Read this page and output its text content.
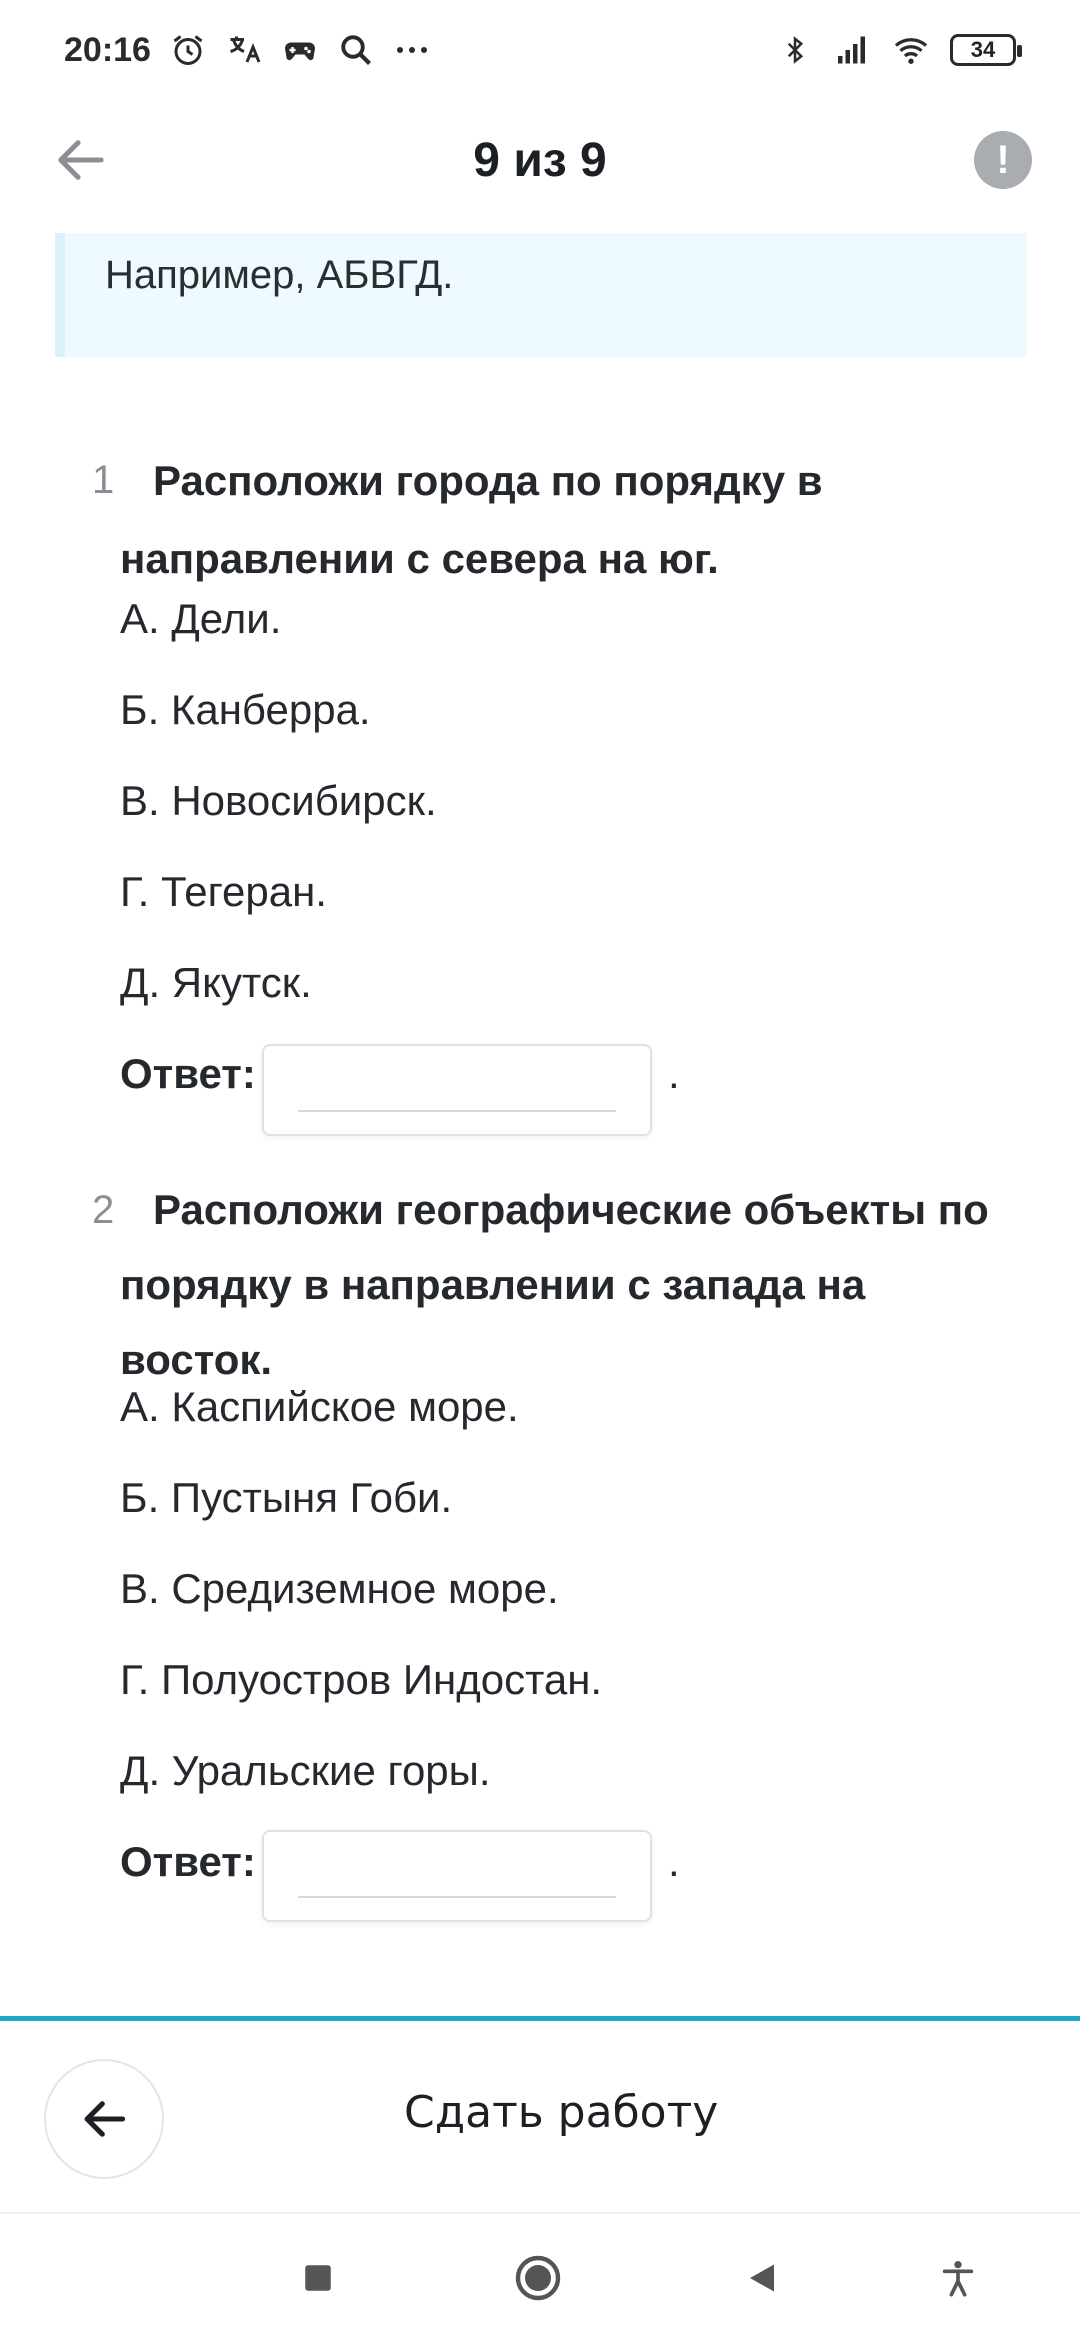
20:16	34
9 из 9	!
Например, АБВГД.
1 Расположи города по порядку в направлении с севера на юг.
А. Дели.
Б. Канберра.
В. Новосибирск.
Г. Тегеран.
Д. Якутск.
Ответ:	.
2 Расположи географические объекты по порядку в направлении с запада на восток.
А. Каспийское море.
Б. Пустыня Гоби.
В. Средиземное море.
Г. Полуостров Индостан.
Д. Уральские горы.
Ответ:	.
Сдать работу
